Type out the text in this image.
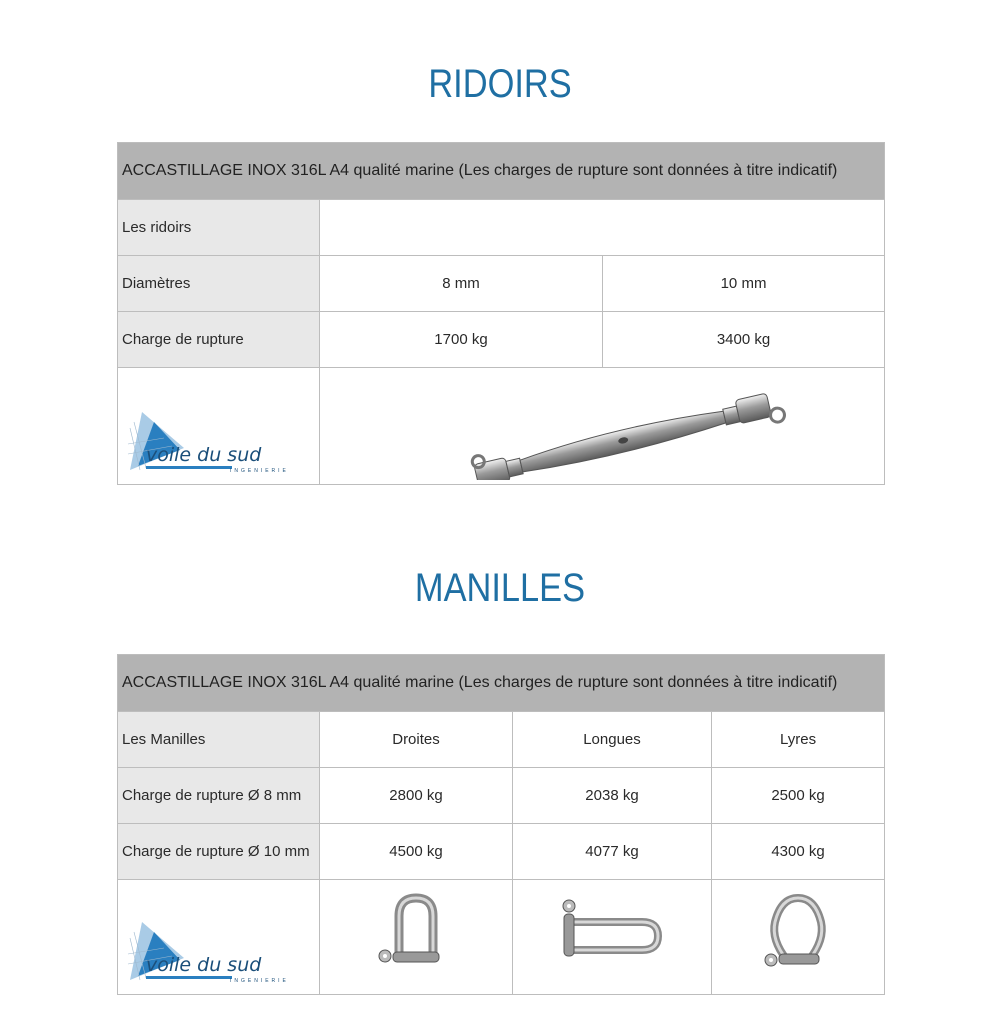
RIDOIRS
ACCASTILLAGE INOX 316L A4 qualité marine (Les charges de rupture sont données à titre indicatif)		
Les ridoirs		
Diamètres	8 mm	10 mm
Charge de rupture	1700 kg	3400 kg

voile du sud
INGENIERIE

MANILLES
ACCASTILLAGE INOX 316L A4 qualité marine (Les charges de rupture sont données à titre indicatif)			
Les Manilles	Droites	Longues	Lyres
Charge de rupture Ø 8 mm	2800 kg	2038 kg	2500 kg
Charge de rupture Ø 10 mm	4500 kg	4077 kg	4300 kg

voile du sud
INGENIERIE
